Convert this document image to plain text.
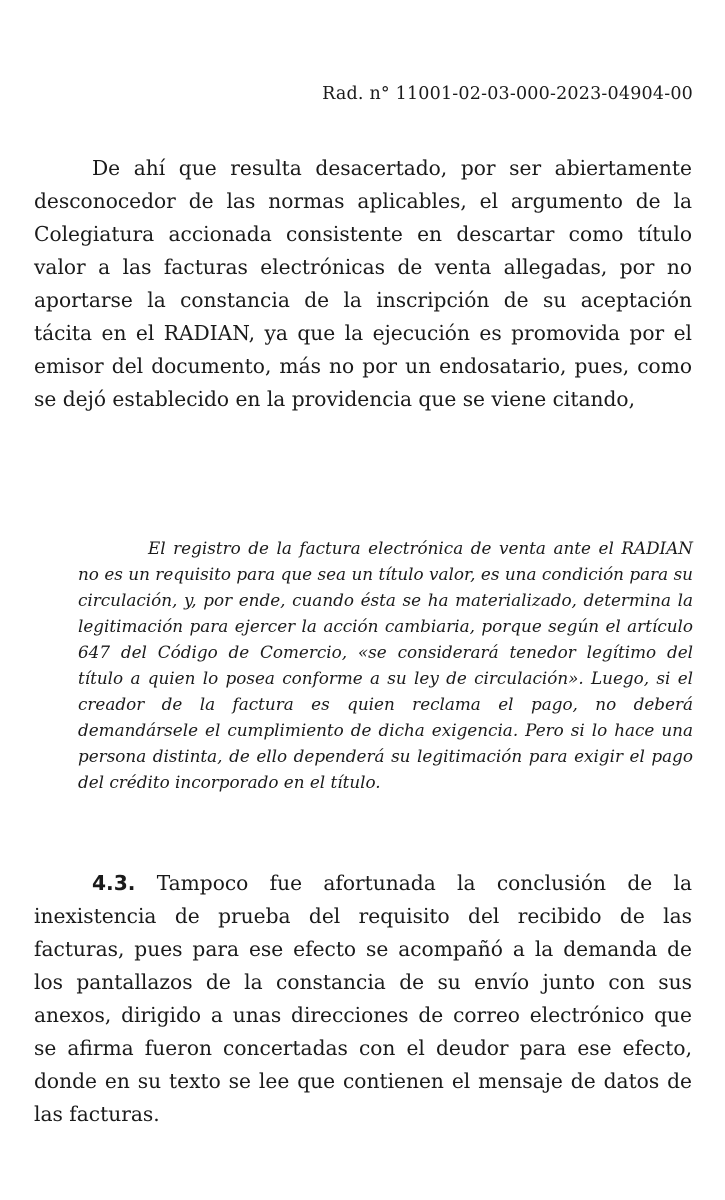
Rad. n° 11001-02-03-000-2023-04904-00

De ahí que resulta desacertado, por ser abiertamente desconocedor de las normas aplicables, el argumento de la Colegiatura accionada consistente en descartar como título valor a las facturas electrónicas de venta allegadas, por no aportarse la constancia de la inscripción de su aceptación tácita en el RADIAN, ya que la ejecución es promovida por el emisor del documento, más no por un endosatario, pues, como se dejó establecido en la providencia que se viene citando,

El registro de la factura electrónica de venta ante el RADIAN no es un requisito para que sea un título valor, es una condición para su circulación, y, por ende, cuando ésta se ha materializado, determina la legitimación para ejercer la acción cambiaria, porque según el artículo 647 del Código de Comercio, «se considerará tenedor legítimo del título a quien lo posea conforme a su ley de circulación». Luego, si el creador de la factura es quien reclama el pago, no deberá demandársele el cumplimiento de dicha exigencia. Pero si lo hace una persona distinta, de ello dependerá su legitimación para exigir el pago del crédito incorporado en el título.

4.3. Tampoco fue afortunada la conclusión de la inexistencia de prueba del requisito del recibido de las facturas, pues para ese efecto se acompañó a la demanda de los pantallazos de la constancia de su envío junto con sus anexos, dirigido a unas direcciones de correo electrónico que se afirma fueron concertadas con el deudor para ese efecto, donde en su texto se lee que contienen el mensaje de datos de las facturas.
